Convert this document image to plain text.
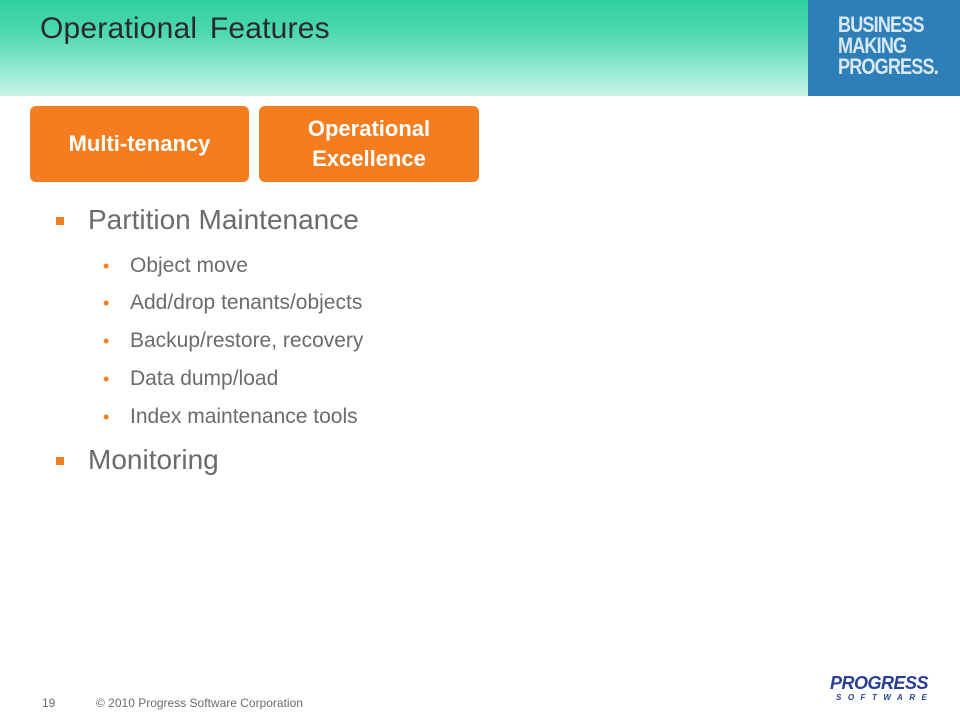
Operational Features	BUSINESS
MAKING
PROGRESS.
Multi-tenancy
Operational Excellence
Partition Maintenance
• Object move
• Add/drop tenants/objects
• Backup/restore, recovery
• Data dump/load
• Index maintenance tools
Monitoring
19	© 2010 Progress Software Corporation
PROGRESS
SOFTWARE
